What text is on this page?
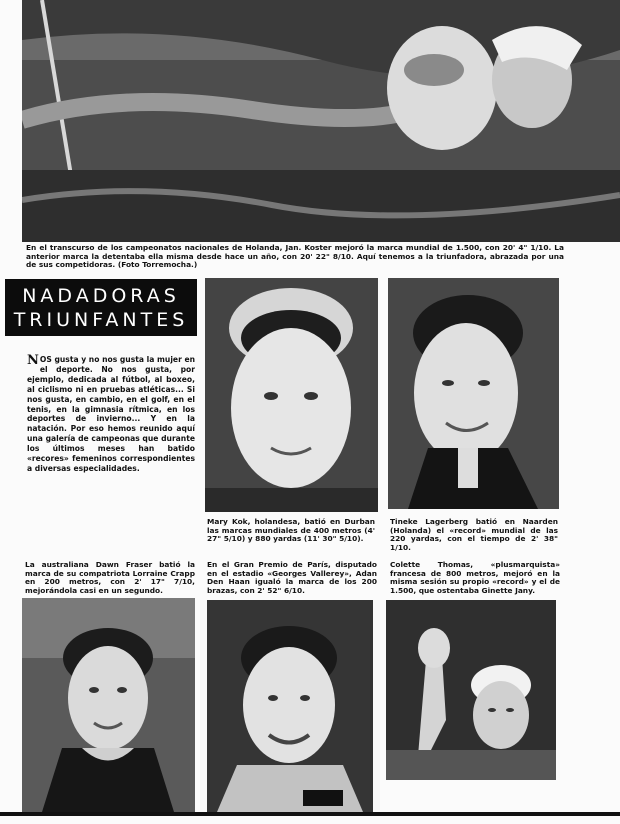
En el transcurso de los campeonatos nacionales de Holanda, Jan. Koster mejoró la marca mundial de 1.500, con 20' 4" 1/10. La anterior marca la detentaba ella misma desde hace un año, con 20' 22" 8/10. Aquí tenemos a la triunfadora, abrazada por una de sus competidoras. (Foto Torremocha.)

NADADORAS
TRIUNFANTES

NOS gusta y no nos gusta la mujer en el deporte. No nos gusta, por ejemplo, dedicada al fútbol, al boxeo, al ciclismo ni en pruebas atléticas... Si nos gusta, en cambio, en el golf, en el tenis, en la gimnasia rítmica, en los deportes de invierno... Y en la natación. Por eso hemos reunido aquí una galería de campeonas que durante los últimos meses han batido «recores» femeninos correspondientes a diversas especialidades.

Mary Kok, holandesa, batió en Durban las marcas mundiales de 400 metros (4' 27" 5/10) y 880 yardas (11' 30" 5/10).

Tineke Lagerberg batió en Naarden (Holanda) el «record» mundial de las 220 yardas, con el tiempo de 2' 38" 1/10.

La australiana Dawn Fraser batió la marca de su compatriota Lorraine Crapp en 200 metros, con 2' 17" 7/10, mejorándola casi en un segundo.

En el Gran Premio de París, disputado en el estadio «Georges Vallerey», Adan Den Haan igualó la marca de los 200 brazas, con 2' 52" 6/10.

Colette Thomas, «plusmarquista» francesa de 800 metros, mejoró en la misma sesión su propio «record» y el de 1.500, que ostentaba Ginette Jany.
